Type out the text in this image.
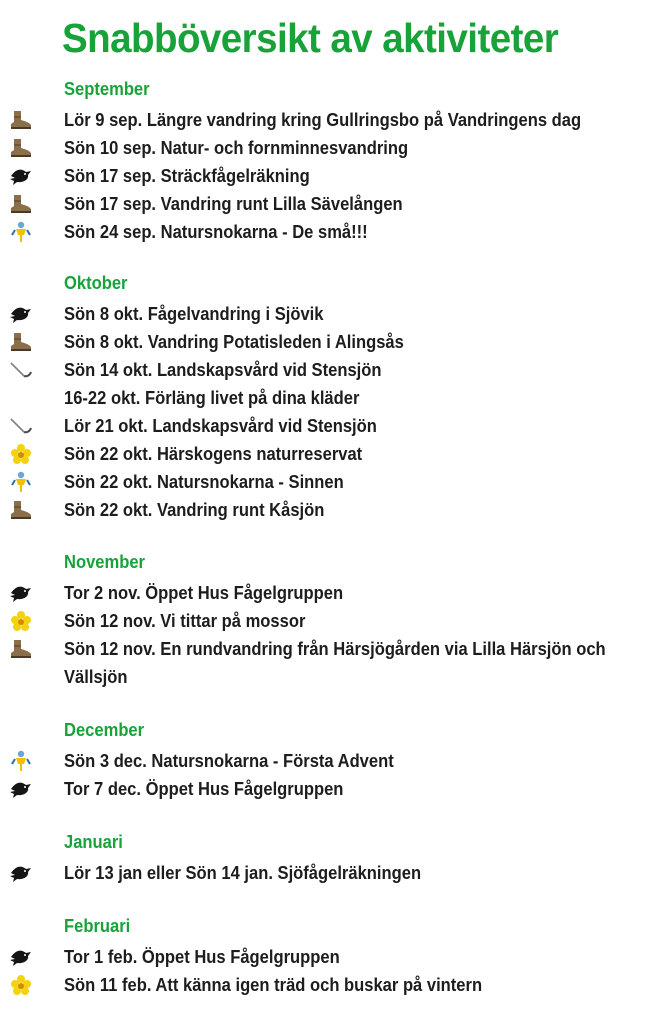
Snabböversikt av aktiviteter
September
Lör 9 sep. Längre vandring kring Gullringsbo på Vandringens dag
Sön 10 sep. Natur- och fornminnesvandring
Sön 17 sep. Sträckfågelräkning
Sön 17 sep. Vandring runt Lilla Sävelången
Sön 24 sep. Natursnokarna - De små!!!
Oktober
Sön 8 okt. Fågelvandring i Sjövik
Sön 8 okt. Vandring Potatisleden i Alingsås
Sön 14 okt. Landskapsvård vid Stensjön
16-22 okt. Förläng livet på dina kläder
Lör 21 okt. Landskapsvård vid Stensjön
Sön 22 okt. Härskogens naturreservat
Sön 22 okt. Natursnokarna - Sinnen
Sön 22 okt. Vandring runt Kåsjön
November
Tor 2 nov. Öppet Hus Fågelgruppen
Sön 12 nov. Vi tittar på mossor
Sön 12 nov. En rundvandring från Härsjögården via Lilla Härsjön och Vällsjön
December
Sön 3 dec. Natursnokarna - Första Advent
Tor 7 dec. Öppet Hus Fågelgruppen
Januari
Lör 13 jan eller Sön 14 jan. Sjöfågelräkningen
Februari
Tor 1 feb. Öppet Hus Fågelgruppen
Sön 11 feb. Att känna igen träd och buskar på vintern
